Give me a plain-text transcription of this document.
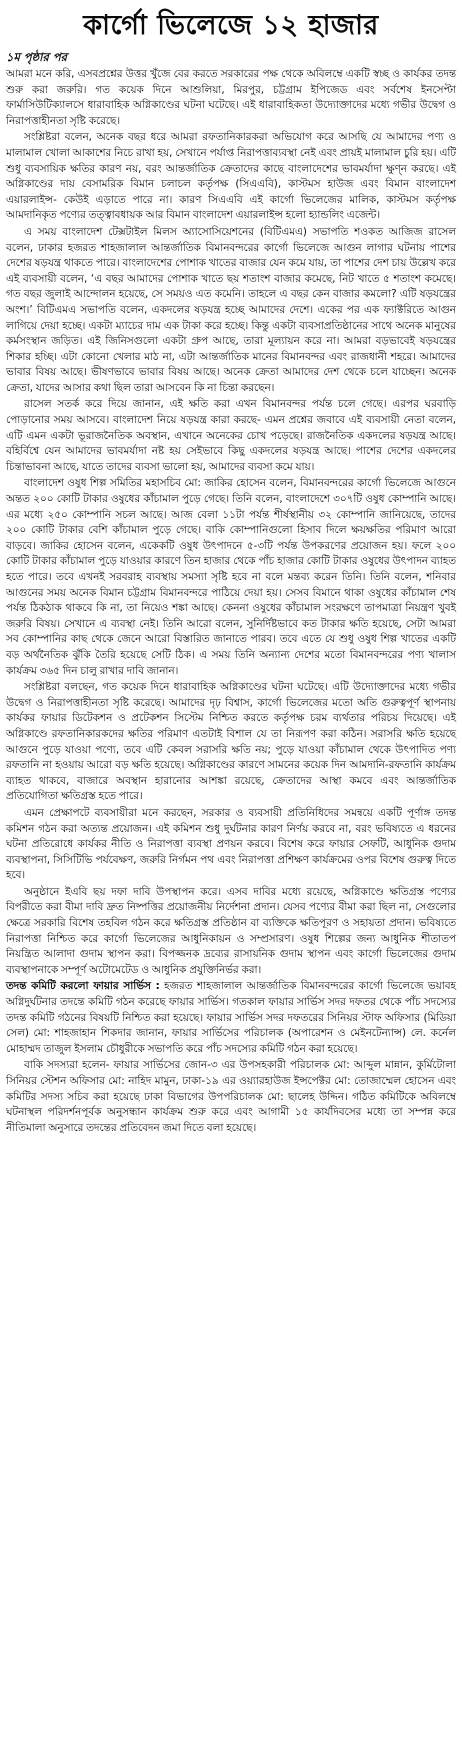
কার্গো ভিলেজে ১২ হাজার
১ম পৃষ্ঠার পর

আমরা মনে করি, এসবপ্রশ্নের উত্তর খুঁজে বের করতে সরকারের পক্ষ থেকে অবিলম্বে একটি স্বচ্ছ ও কার্যকর তদন্ত শুরু করা জরুরি। গত কয়েক দিনে আশুলিয়া, মিরপুর, চট্টগ্রাম ইপিজেড এবং সর্বশেষ ইনসেপ্টা ফার্মাসিউটিক্যালসে ধারাবাহিক অগ্নিকাণ্ডের ঘটনা ঘটেছে। এই ধারাবাহিকতা উদ্যোক্তাদের মধ্যে গভীর উদ্বেগ ও নিরাপত্তাহীনতা সৃষ্টি করেছে।

সংশ্লিষ্টরা বলেন, অনেক বছর ধরে আমরা রফতানিকারকরা অভিযোগ করে আসছি যে আমাদের পণ্য ও মালামাল খোলা আকাশের নিচে রাখা হয়, সেখানে পর্যাপ্ত নিরাপত্তাব্যবস্থা নেই এবং প্রায়ই মালামাল চুরি হয়। এটি শুধু ব্যবসায়িক ক্ষতির কারণ নয়, বরং আন্তর্জাতিক ক্রেতাদের কাছে বাংলাদেশের ভাবমর্যাদা ক্ষুণ্ন করছে। এই অগ্নিকাণ্ডের দায় বেসামরিক বিমান চলাচল কর্তৃপক্ষ (সিএএবি), কাস্টমস হাউজ এবং বিমান বাংলাদেশ এয়ারলাইন্স- কেউই এড়াতে পারে না। কারণ সিএএবি এই কার্গো ভিলেজের মালিক, কাস্টমস কর্তৃপক্ষ আমদানিকৃত পণ্যের তত্ত্বাবধায়ক আর বিমান বাংলাদেশ এয়ারলাইন্স হলো হ্যান্ডলিং এজেন্ট।

এ সময় বাংলাদেশ টেক্সটাইল মিলস অ্যাসোসিয়েশনের (বিটিএমএ) সভাপতি শওকত আজিজ রাসেল বলেন, ঢাকার হজরত শাহজালাল আন্তর্জাতিক বিমানবন্দরের কার্গো ভিলেজে আগুন লাগার ঘটনায় পাশের দেশের ষড়যন্ত্র থাকতে পারে। বাংলাদেশের পোশাক খাতের বাজার যেন কমে যায়, তা পাশের দেশ চায় উল্লেখ করে এই ব্যবসায়ী বলেন, ‘এ বছর আমাদের পোশাক খাতে ছয় শতাংশ বাজার কমেছে, নিট খাতে ৫ শতাংশ কমেছে। গত বছর জুলাই আন্দোলন হয়েছে, সে সময়ও এত কমেনি। তাহলে এ বছর কেন বাজার কমলো? এটি ষড়যন্ত্রের অংশ।’ বিটিএমএ সভাপতি বলেন, একদলের ষড়যন্ত্র হচ্ছে আমাদের দেশে। একের পর এক ফ্যাক্টরিতে আগুন লাগিয়ে দেয়া হচ্ছে। একটা ম্যাচের দাম এক টাকা করে হচ্ছে। কিন্তু একটা ব্যবসাপ্রতিষ্ঠানের সাথে অনেক মানুষের কর্মসংস্থান জড়িত। এই জিনিসগুলো একটা গ্রুপ আছে, তারা মূল্যায়ন করে না। আমরা বড়ভাবেই ষড়যন্ত্রের শিকার হচ্ছি। এটা কোনো খেলার মাঠ না, এটা আন্তর্জাতিক মানের বিমানবন্দর এবং রাজধানী শহরে। আমাদের ভাবার বিষয় আছে। ভীষণভাবে ভাবার বিষয় আছে। অনেক ক্রেতা আমাদের দেশ থেকে চলে যাচ্ছেন। অনেক ক্রেতা, যাদের আসার কথা ছিল তারা আসবেন কি না চিন্তা করছেন।

রাসেল সতর্ক করে দিয়ে জানান, এই ক্ষতি করা এখন বিমানবন্দর পর্যন্ত চলে গেছে। এরপর ঘরবাড়ি পোড়ানোর সময় আসবে। বাংলাদেশ নিয়ে ষড়যন্ত্র কারা করছে- এমন প্রশ্নের জবাবে এই ব্যবসায়ী নেতা বলেন, এটি এমন একটা ভূরাজনৈতিক অবস্থান, এখানে অনেকের চোখ পড়েছে। রাজনৈতিক একদলের ষড়যন্ত্র আছে। বহির্বিশ্বে যেন আমাদের ভাবমর্যাদা নষ্ট হয় সেইভাবে কিছু একদলের ষড়যন্ত্র আছে। পাশের দেশের একদলের চিন্তাভাবনা আছে, যাতে তাদের ব্যবসা ভালো হয়, আমাদের ব্যবসা কমে যায়।

বাংলাদেশ ওষুধ শিল্প সমিতির মহাসচিব মো: জাকির হোসেন বলেন, বিমানবন্দরের কার্গো ভিলেজে আগুনে অন্তত ২০০ কোটি টাকার ওষুধের কাঁচামাল পুড়ে গেছে। তিনি বলেন, বাংলাদেশে ৩০৭টি ওষুধ কোম্পানি আছে। এর মধ্যে ২৫০ কোম্পানি সচল আছে। আজ বেলা ১১টা পর্যন্ত শীর্ষস্থানীয় ৩২ কোম্পানি জানিয়েছে, তাদের ২০০ কোটি টাকার বেশি কাঁচামাল পুড়ে গেছে। বাকি কোম্পানিগুলো হিসাব দিলে ক্ষয়ক্ষতির পরিমাণ আরো বাড়বে। জাকির হোসেন বলেন, একেকটি ওষুধ উৎপাদনে ৫-৩টি পর্যন্ত উপকরণের প্রয়োজন হয়। ফলে ২০০ কোটি টাকার কাঁচামাল পুড়ে যাওয়ার কারণে তিন হাজার থেকে পাঁচ হাজার কোটি টাকার ওষুধের উৎপাদন ব্যাহত হতে পারে। তবে এখনই সরবরাহ ব্যবস্থায় সমস্যা সৃষ্টি হবে না বলে মন্তব্য করেন তিনি। তিনি বলেন, শনিবার আগুনের সময় অনেক বিমান চট্টগ্রাম বিমানবন্দরে পাঠিয়ে দেয়া হয়। সেসব বিমানে থাকা ওষুধের কাঁচামাল শেষ পর্যন্ত ঠিকঠাক থাকবে কি না, তা নিয়েও শঙ্কা আছে। কেননা ওষুধের কাঁচামাল সংরক্ষণে তাপমাত্রা নিয়ন্ত্রণ খুবই জরুরি বিষয়। সেখানে এ ব্যবস্থা নেই। তিনি আরো বলেন, সুনির্দিষ্টভাবে কত টাকার ক্ষতি হয়েছে, সেটা আমরা সব কোম্পানির কাছ থেকে জেনে আরো বিস্তারিত জানাতে পারব। তবে এতে যে শুধু ওষুধ শিল্প খাতের একটি বড় অর্থনৈতিক ঝুঁকি তৈরি হয়েছে সেটি ঠিক। এ সময় তিনি অন্যান্য দেশের মতো বিমানবন্দরের পণ্য খালাস কার্যক্রম ৩৬৫ দিন চালু রাখার দাবি জানান।

সংশ্লিষ্টরা বলছেন, গত কয়েক দিনে ধারাবাহিক অগ্নিকাণ্ডের ঘটনা ঘটেছে। এটি উদ্যোক্তাদের মধ্যে গভীর উদ্বেগ ও নিরাপত্তাহীনতা সৃষ্টি করেছে। আমাদের দৃঢ় বিশ্বাস, কার্গো ভিলেজের মতো অতি গুরুত্বপূর্ণ স্থাপনায় কার্যকর ফায়ার ডিটেকশন ও প্রটেকশন সিস্টেম নিশ্চিত করতে কর্তৃপক্ষ চরম ব্যর্থতার পরিচয় দিয়েছে। এই অগ্নিকাণ্ডে রফতানিকারকদের ক্ষতির পরিমাণ এতটাই বিশাল যে তা নিরূপণ করা কঠিন। সরাসরি ক্ষতি হয়েছে আগুনে পুড়ে যাওয়া পণ্যে, তবে এটি কেবল সরাসরি ক্ষতি নয়; পুড়ে যাওয়া কাঁচামাল থেকে উৎপাদিত পণ্য রফতানি না হওয়ায় আরো বড় ক্ষতি হয়েছে। অগ্নিকাণ্ডের কারণে সামনের কয়েক দিন আমদানি-রফতানি কার্যক্রম ব্যাহত থাকবে, বাজারে অবস্থান হারানোর আশঙ্কা রয়েছে, ক্রেতাদের আস্থা কমবে এবং আন্তর্জাতিক প্রতিযোগিতা ক্ষতিগ্রস্ত হতে পারে।

এমন প্রেক্ষাপটে ব্যবসায়ীরা মনে করছেন, সরকার ও ব্যবসায়ী প্রতিনিধিদের সমন্বয়ে একটি পূর্ণাঙ্গ তদন্ত কমিশন গঠন করা অত্যন্ত প্রয়োজন। এই কমিশন শুধু দুর্ঘটনার কারণ নির্ণয় করবে না, বরং ভবিষ্যতে এ ধরনের ঘটনা প্রতিরোধে কার্যকর নীতি ও নিরাপত্তা ব্যবস্থা প্রণয়ন করবে। বিশেষ করে ফায়ার সেফটি, আধুনিক গুদাম ব্যবস্থাপনা, সিসিটিভি পর্যবেক্ষণ, জরুরি নির্গমন পথ এবং নিরাপত্তা প্রশিক্ষণ কার্যক্রমের ওপর বিশেষ গুরুত্ব দিতে হবে।

অনুষ্ঠানে ইএবি ছয় দফা দাবি উপস্থাপন করে। এসব দাবির মধ্যে রয়েছে, অগ্নিকাণ্ডে ক্ষতিগ্রস্ত পণ্যের বিপরীতে করা বীমা দাবি দ্রুত নিষ্পত্তির প্রয়োজনীয় নির্দেশনা প্রদান। যেসব পণ্যের বীমা করা ছিল না, সেগুলোর ক্ষেত্রে সরকারি বিশেষ তহবিল গঠন করে ক্ষতিগ্রস্ত প্রতিষ্ঠান বা ব্যক্তিকে ক্ষতিপূরণ ও সহায়তা প্রদান। ভবিষ্যতে নিরাপত্তা নিশ্চিত করে কার্গো ভিলেজের আধুনিকায়ন ও সম্প্রসারণ। ওষুধ শিল্পের জন্য আধুনিক শীতাতপ নিয়ন্ত্রিত আলাদা গুদাম স্থাপন করা। বিপজ্জনক দ্রব্যের রাসায়নিক গুদাম স্থাপন এবং কার্গো ভিলেজের গুদাম ব্যবস্থাপনাকে সম্পূর্ণ অটোমেটেড ও আধুনিক প্রযুক্তিনির্ভর করা।

তদন্ত কমিটি করলো ফায়ার সার্ভিস : হজরত শাহজালাল আন্তর্জাতিক বিমানবন্দরের কার্গো ভিলেজে ভয়াবহ অগ্নিদুর্ঘটনার তদন্তে কমিটি গঠন করেছে ফায়ার সার্ভিস। গতকাল ফায়ার সার্ভিস সদর দফতর থেকে পাঁচ সদস্যের তদন্ত কমিটি গঠনের বিষয়টি নিশ্চিত করা হয়েছে। ফায়ার সার্ভিস সদর দফতরের সিনিয়র স্টাফ অফিসার (মিডিয়া সেল) মো: শাহজাহান শিকদার জানান, ফায়ার সার্ভিসের পরিচালক (অপারেশন ও মেইনটেন্যান্স) লে. কর্নেল মোহাম্মদ তাজুল ইসলাম চৌধুরীকে সভাপতি করে পাঁচ সদস্যের কমিটি গঠন করা হয়েছে।

বাকি সদস্যরা হলেন- ফায়ার সার্ভিসের জোন-৩ এর উপসহকারী পরিচালক মো: আব্দুল মান্নান, কুর্মিটোলা সিনিয়র স্টেশন অফিসার মো: নাহিদ মামুন, ঢাকা-১৯ এর ওয়্যারহাউজ ইন্সপেক্টর মো: তোজাম্মেল হোসেন এবং কমিটির সদস্য সচিব করা হয়েছে ঢাকা বিভাগের উপপরিচালক মো: ছালেহ উদ্দিন। গঠিত কমিটিকে অবিলম্বে ঘটনাস্থল পরিদর্শনপূর্বক অনুসন্ধান কার্যক্রম শুরু করে এবং আগামী ১৫ কার্যদিবসের মধ্যে তা সম্পন্ন করে নীতিমালা অনুসারে তদন্তের প্রতিবেদন জমা দিতে বলা হয়েছে।
